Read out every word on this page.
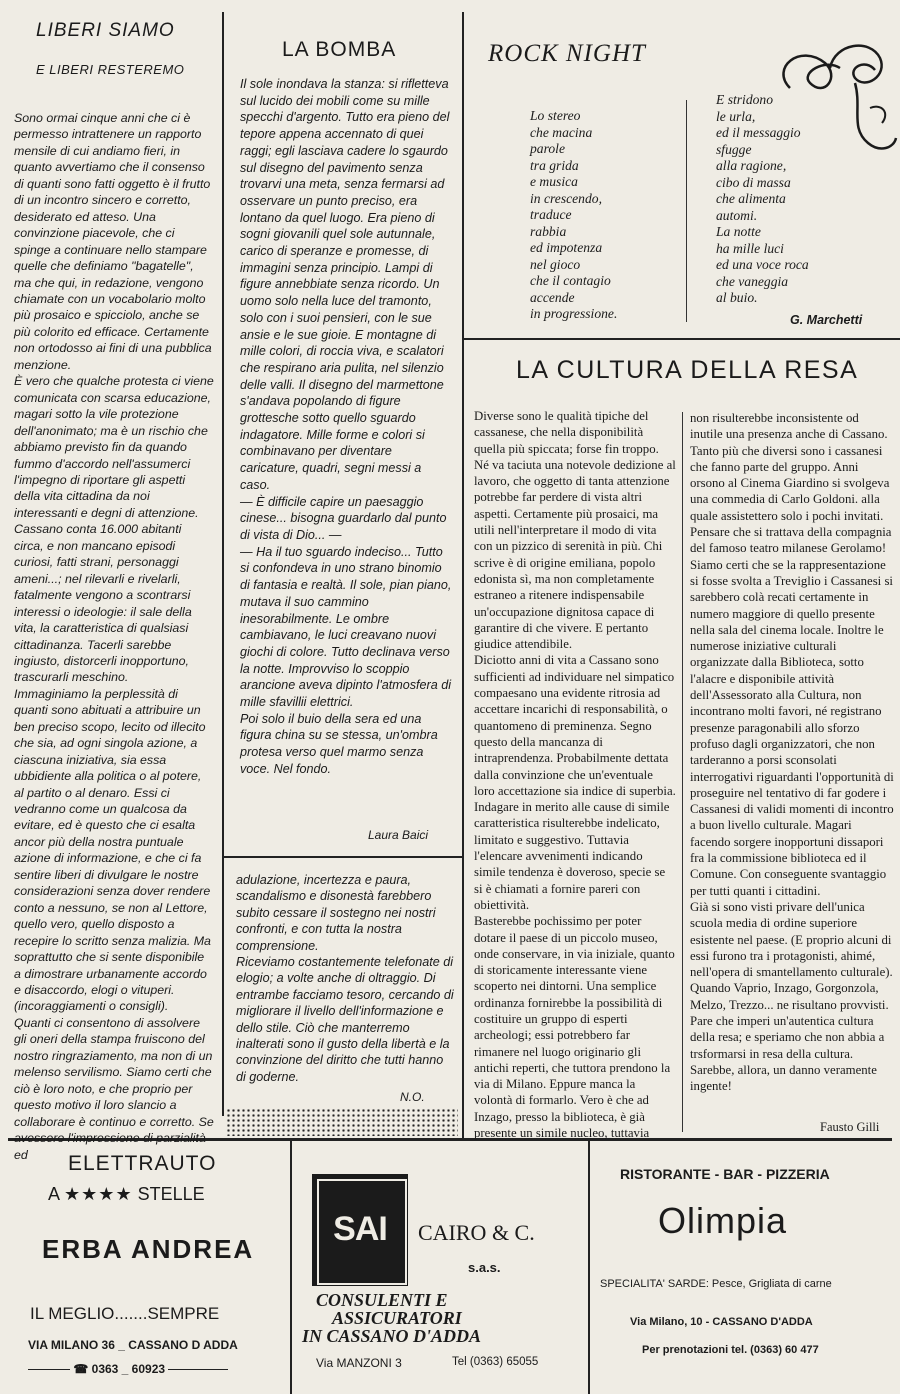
LIBERI SIAMO
E LIBERI RESTEREMO
Sono ormai cinque anni che ci è permesso intrattenere un rapporto mensile di cui andiamo fieri, in quanto avvertiamo che il consenso di quanti sono fatti oggetto è il frutto di un incontro sincero e corretto, desiderato ed atteso. Una convinzione piacevole, che ci spinge a continuare nello stampare quelle che definiamo "bagatelle", ma che qui, in redazione, vengono chiamate con un vocabolario molto più prosaico e spicciolo, anche se più colorito ed efficace. Certamente non ortodosso ai fini di una pubblica menzione.
È vero che qualche protesta ci viene comunicata con scarsa educazione, magari sotto la vile protezione dell'anonimato; ma è un rischio che abbiamo previsto fin da quando fummo d'accordo nell'assumerci l'impegno di riportare gli aspetti della vita cittadina da noi interessanti e degni di attenzione. Cassano conta 16.000 abitanti circa, e non mancano episodi curiosi, fatti strani, personaggi ameni...; nel rilevarli e rivelarli, fatalmente vengono a scontrarsi interessi o ideologie: il sale della vita, la caratteristica di qualsiasi cittadinanza. Tacerli sarebbe ingiusto, distorcerli inopportuno, trascurarli meschino.
Immaginiamo la perplessità di quanti sono abituati a attribuire un ben preciso scopo, lecito od illecito che sia, ad ogni singola azione, a ciascuna iniziativa, sia essa ubbidiente alla politica o al potere, al partito o al denaro. Essi ci vedranno come un qualcosa da evitare, ed è questo che ci esalta ancor più della nostra puntuale azione di informazione, e che ci fa sentire liberi di divulgare le nostre considerazioni senza dover rendere conto a nessuno, se non al Lettore, quello vero, quello disposto a recepire lo scritto senza malizia. Ma soprattutto che si sente disponibile a dimostrare urbanamente accordo e disaccordo, elogi o vituperi. (incoraggiamenti o consigli).
Quanti ci consentono di assolvere gli oneri della stampa fruiscono del nostro ringraziamento, ma non di un melenso servilismo. Siamo certi che ciò è loro noto, e che proprio per questo motivo il loro slancio a collaborare è continuo e corretto. Se avessero l'impressione di parzialità ed
LA BOMBA
Il sole inondava la stanza: si rifletteva sul lucido dei mobili come su mille specchi d'argento. Tutto era pieno del tepore appena accennato di quei raggi; egli lasciava cadere lo sgaurdo sul disegno del pavimento senza trovarvi una meta, senza fermarsi ad osservare un punto preciso, era lontano da quel luogo. Era pieno di sogni giovanili quel sole autunnale, carico di speranze e promesse, di immagini senza principio. Lampi di figure annebbiate senza ricordo. Un uomo solo nella luce del tramonto, solo con i suoi pensieri, con le sue ansie e le sue gioie. E montagne di mille colori, di roccia viva, e scalatori che respirano aria pulita, nel silenzio delle valli. Il disegno del marmettone s'andava popolando di figure grottesche sotto quello sguardo indagatore. Mille forme e colori si combinavano per diventare caricature, quadri, segni messi a caso.
— È difficile capire un paesaggio cinese... bisogna guardarlo dal punto di vista di Dio... —
— Ha il tuo sguardo indeciso... Tutto si confondeva in uno strano binomio di fantasia e realtà. Il sole, pian piano, mutava il suo cammino inesorabilmente. Le ombre cambiavano, le luci creavano nuovi giochi di colore. Tutto declinava verso la notte. Improvviso lo scoppio arancione aveva dipinto l'atmosfera di mille sfavillii elettrici.
Poi solo il buio della sera ed una figura china su se stessa, un'ombra protesa verso quel marmo senza voce. Nel fondo.
Laura Baici
adulazione, incertezza e paura, scandalismo e disonestà farebbero subito cessare il sostegno nei nostri confronti, e con tutta la nostra comprensione.
Riceviamo costantemente telefonate di elogio; a volte anche di oltraggio. Di entrambe facciamo tesoro, cercando di migliorare il livello dell'informazione e dello stile. Ciò che manterremo inalterati sono il gusto della libertà e la convinzione del diritto che tutti hanno di goderne.
N.O.
ROCK NIGHT
Lo stereo
che macina
parole
tra grida
e musica
in crescendo,
traduce
rabbia
ed impotenza
nel gioco
che il contagio
accende
in progressione.
E stridono
le urla,
ed il messaggio
sfugge
alla ragione,
cibo di massa
che alimenta
automi.
La notte
ha mille luci
ed una voce roca
che vaneggia
al buio.
G. Marchetti
LA CULTURA DELLA RESA
Diverse sono le qualità tipiche del cassanese, che nella disponibilità quella più spiccata; forse fin troppo. Né va taciuta una notevole dedizione al lavoro, che oggetto di tanta attenzione potrebbe far perdere di vista altri aspetti. Certamente più prosaici, ma utili nell'interpretare il modo di vita con un pizzico di serenità in più. Chi scrive è di origine emiliana, popolo edonista sì, ma non completamente estraneo a ritenere indispensabile un'occupazione dignitosa capace di garantire di che vivere. E pertanto giudice attendibile.
Diciotto anni di vita a Cassano sono sufficienti ad individuare nel simpatico compaesano una evidente ritrosia ad accettare incarichi di responsabilità, o quantomeno di preminenza. Segno questo della mancanza di intraprendenza. Probabilmente dettata dalla convinzione che un'eventuale loro accettazione sia indice di superbia. Indagare in merito alle cause di simile caratteristica risulterebbe indelicato, limitato e suggestivo. Tuttavia l'elencare avvenimenti indicando simile tendenza è doveroso, specie se si è chiamati a fornire pareri con obiettività.
Basterebbe pochissimo per poter dotare il paese di un piccolo museo, onde conservare, in via iniziale, quanto di storicamente interessante viene scoperto nei dintorni. Una semplice ordinanza fornirebbe la possibilità di costituire un gruppo di esperti archeologi; essi potrebbero far rimanere nel luogo originario gli antichi reperti, che tuttora prendono la via di Milano. Eppure manca la volontà di formarlo. Vero è che ad Inzago, presso la biblioteca, è già presente un simile nucleo, tuttavia
non risulterebbe inconsistente od inutile una presenza anche di Cassano. Tanto più che diversi sono i cassanesi che fanno parte del gruppo. Anni orsono al Cinema Giardino si svolgeva una commedia di Carlo Goldoni. alla quale assistettero solo i pochi invitati. Pensare che si trattava della compagnia del famoso teatro milanese Gerolamo! Siamo certi che se la rappresentazione si fosse svolta a Treviglio i Cassanesi si sarebbero colà recati certamente in numero maggiore di quello presente nella sala del cinema locale. Inoltre le numerose iniziative culturali organizzate dalla Biblioteca, sotto l'alacre e disponibile attività dell'Assessorato alla Cultura, non incontrano molti favori, né registrano presenze paragonabili allo sforzo profuso dagli organizzatori, che non tarderanno a porsi sconsolati interrogativi riguardanti l'opportunità di proseguire nel tentativo di far godere i Cassanesi di validi momenti di incontro a buon livello culturale. Magari facendo sorgere inopportuni dissapori fra la commissione biblioteca ed il Comune. Con conseguente svantaggio per tutti quanti i cittadini.
Già si sono visti privare dell'unica scuola media di ordine superiore esistente nel paese. (E proprio alcuni di essi furono tra i protagonisti, ahimé, nell'opera di smantellamento culturale). Quando Vaprio, Inzago, Gorgonzola, Melzo, Trezzo... ne risultano provvisti.
Pare che imperi un'autentica cultura della resa; e speriamo che non abbia a trsformarsi in resa della cultura. Sarebbe, allora, un danno veramente ingente!
Fausto Gilli
ELETTRAUTO
A ★★★★ STELLE
ERBA ANDREA
IL MEGLIO.......SEMPRE
VIA MILANO 36 _ CASSANO D ADDA
☎ 0363 _ 60923
SAI	CAIRO & C.
s.a.s.
CONSULENTI E
ASSICURATORI
IN CASSANO D'ADDA
Via MANZONI 3	Tel (0363) 65055
RISTORANTE - BAR - PIZZERIA
Olimpia
SPECIALITA' SARDE: Pesce, Grigliata di carne
Via Milano, 10 - CASSANO D'ADDA
Per prenotazioni tel. (0363) 60 477
